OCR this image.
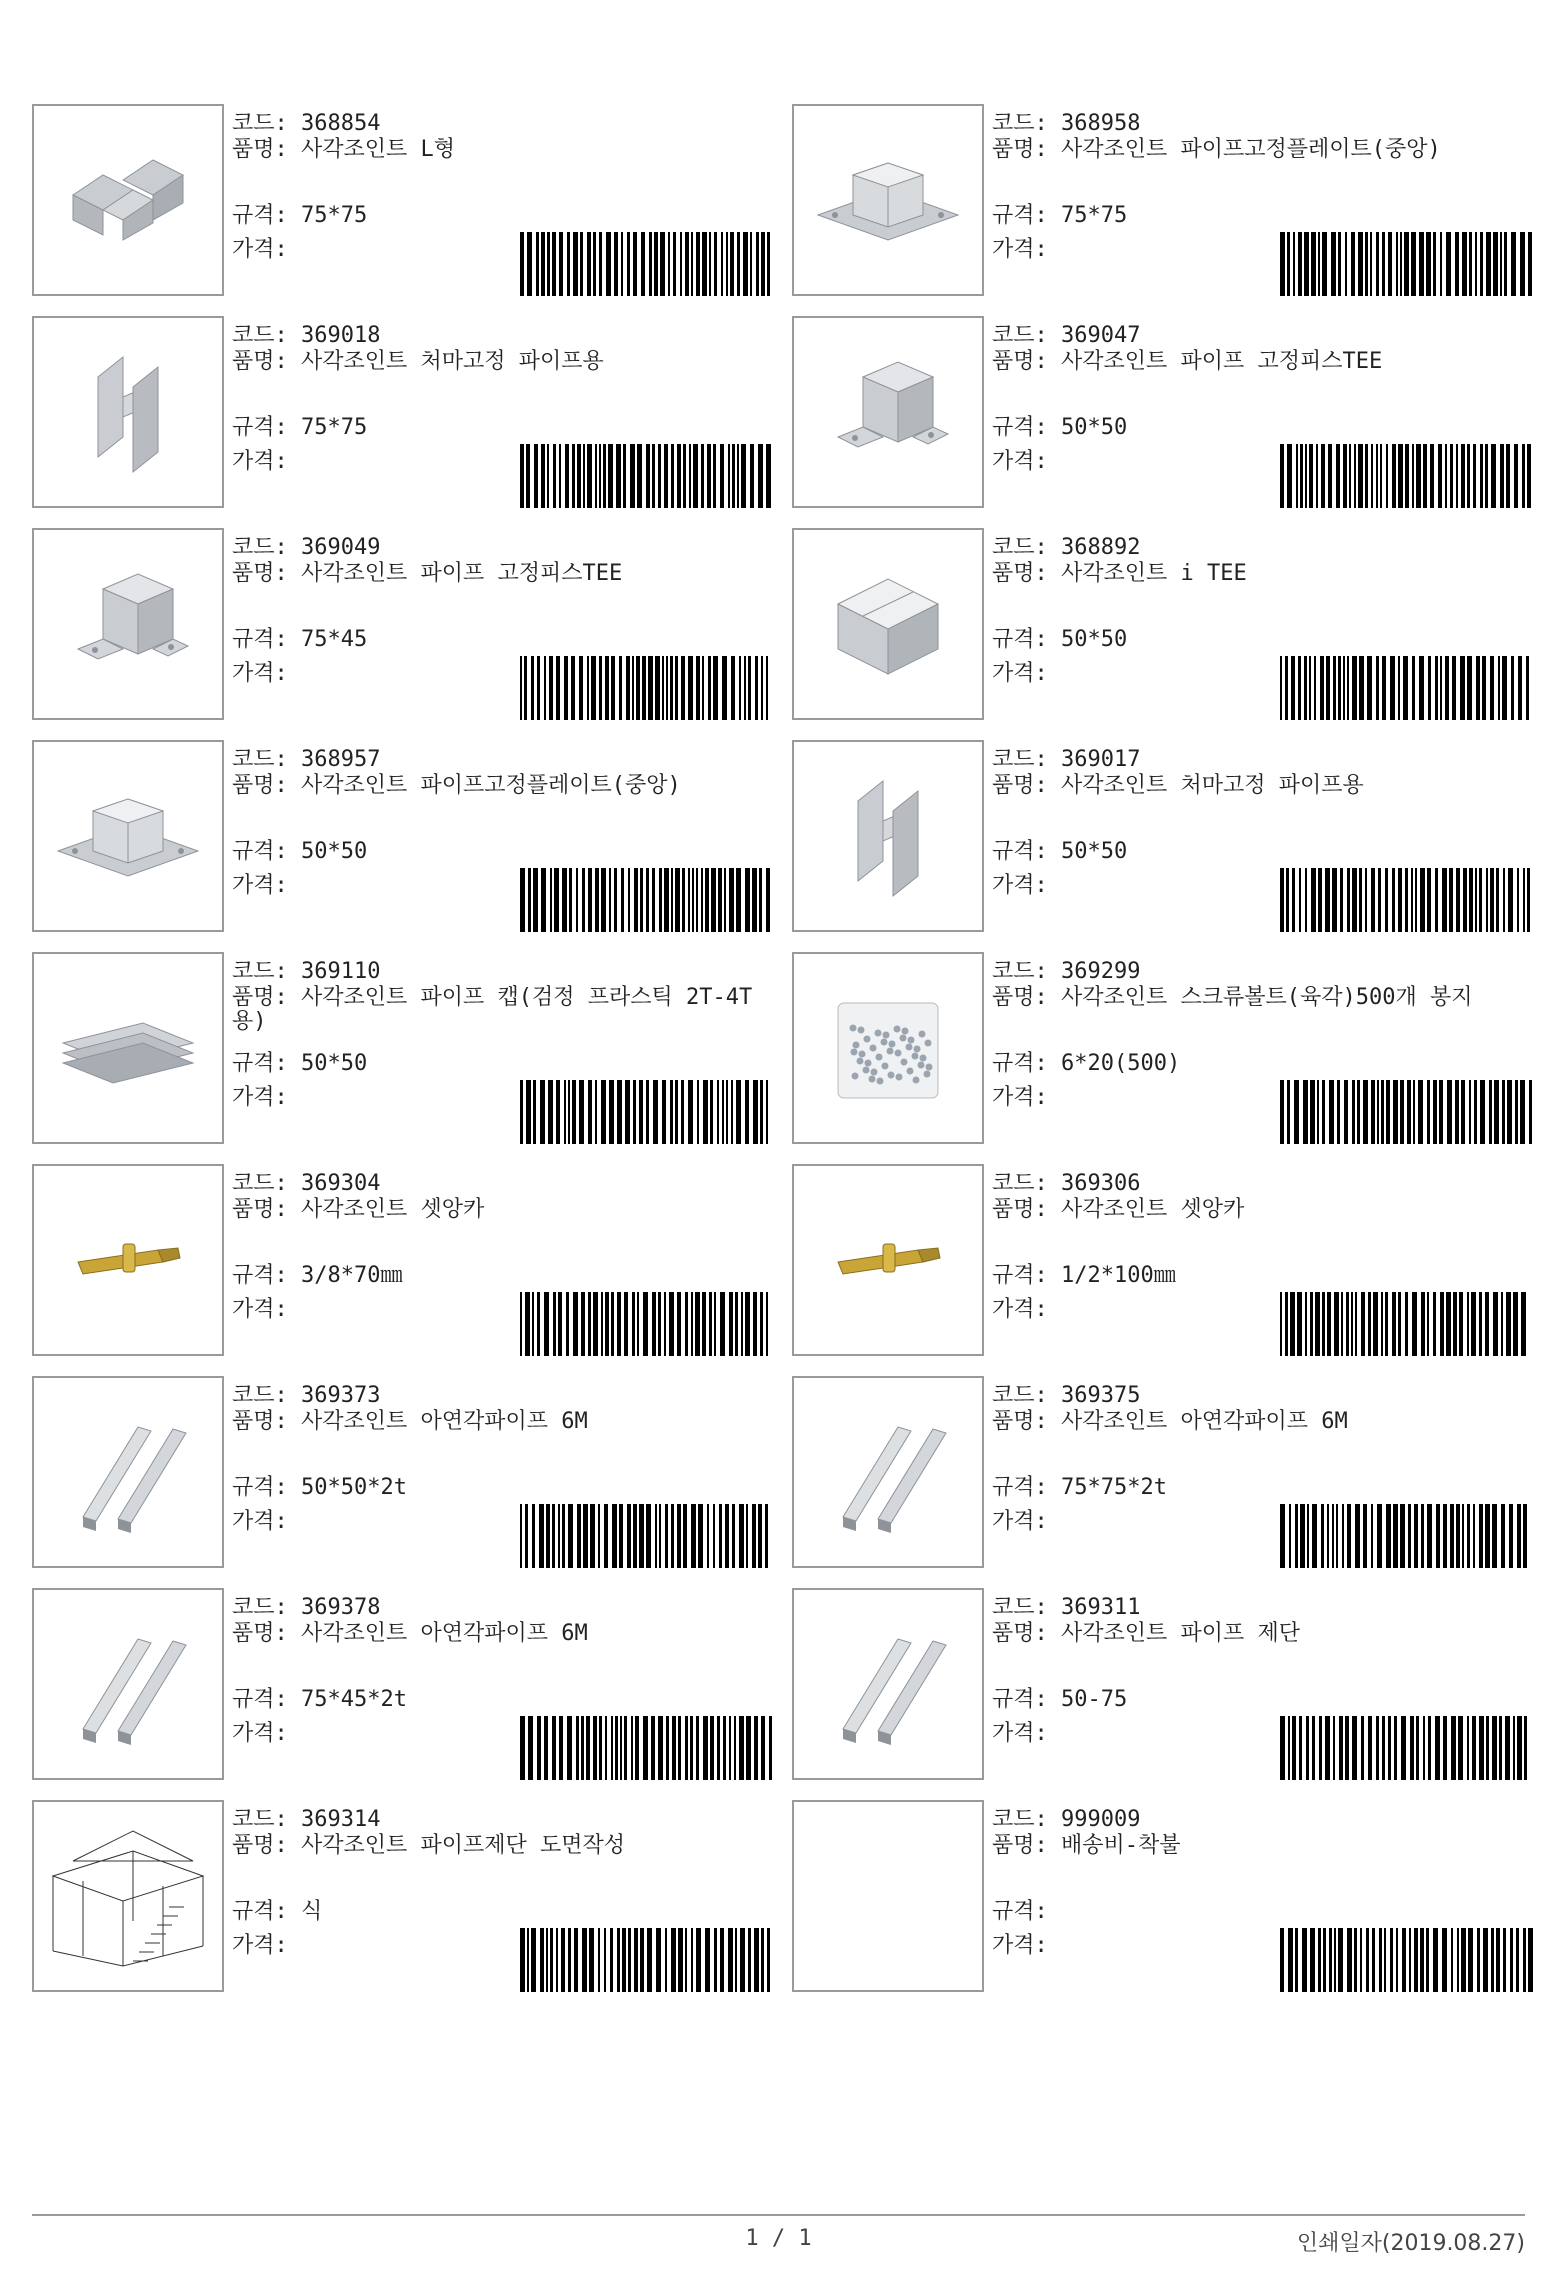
코드: 368854
품명: 사각조인트 L형
규격: 75*75
가격:
코드: 368958
품명: 사각조인트 파이프고정플레이트(중앙)
규격: 75*75
가격:
코드: 369018
품명: 사각조인트 처마고정 파이프용
규격: 75*75
가격:
코드: 369047
품명: 사각조인트 파이프 고정피스TEE
규격: 50*50
가격:
코드: 369049
품명: 사각조인트 파이프 고정피스TEE
규격: 75*45
가격:
코드: 368892
품명: 사각조인트 i TEE
규격: 50*50
가격:
코드: 368957
품명: 사각조인트 파이프고정플레이트(중앙)
규격: 50*50
가격:
코드: 369017
품명: 사각조인트 처마고정 파이프용
규격: 50*50
가격:
코드: 369110
품명: 사각조인트 파이프 캡(검정 프라스틱 2T-4T용)
규격: 50*50
가격:
코드: 369299
품명: 사각조인트 스크류볼트(육각)500개 봉지
규격: 6*20(500)
가격:
코드: 369304
품명: 사각조인트 셋앙카
규격: 3/8*70㎜
가격:
코드: 369306
품명: 사각조인트 셋앙카
규격: 1/2*100㎜
가격:
코드: 369373
품명: 사각조인트 아연각파이프 6M
규격: 50*50*2t
가격:
코드: 369375
품명: 사각조인트 아연각파이프 6M
규격: 75*75*2t
가격:
코드: 369378
품명: 사각조인트 아연각파이프 6M
규격: 75*45*2t
가격:
코드: 369311
품명: 사각조인트 파이프 제단
규격: 50-75
가격:
코드: 369314
품명: 사각조인트 파이프제단 도면작성
규격: 식
가격:
코드: 999009
품명: 배송비-착불
규격:
가격:
1 / 1	인쇄일자(2019.08.27)
